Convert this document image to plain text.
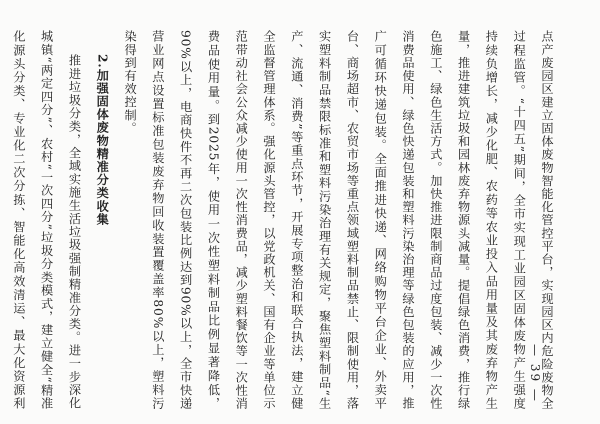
点产废园区建立固体废物智能化管控平台，实现园区内危险废物全过程监管。“十四五”期间，全市实现工业园区固体废物产生强度持续负增长，减少化肥、农药等农业投入品用量及其废弃物产生量，推进建筑垃圾和园林废弃物源头减量。提倡绿色消费，推行绿色施工、绿色生活方式。加快推进限制商品过度包装、减少一次性消费品使用、绿色快递包装和塑料污染治理等绿色包装的应用，推广可循环快递包装。全面推进快递、网络购物平台企业、外卖平台、商场超市、农贸市场等重点领域塑料制品禁止、限制使用，落实塑料制品禁限标准和塑料污染治理有关规定，聚焦塑料制品“生产、流通、消费”等重点环节，开展专项整治和联合执法，建立健全监督管理体系。强化源头管控，以党政机关、国有企业等单位示范带动社会公众减少使用一次性消费品，减少塑料餐饮等一次性消费品使用量。到2025年，使用一次性塑料制品比例显著降低，90%以上，电商快件不再二次包装比例达到90%以上，全市快递营业网点设置标准包装废弃物回收装置覆盖率80%以上，塑料污染得到有效控制。

2.加强固体废物精准分类收集

推进垃圾分类，全域实施生活垃圾强制精准分类。进一步深化城镇“两定四分”、农村“一次四分”垃圾分类模式，建立健全“精准化源头分类、专业化二次分拣、智能化高效清运、最大化资源利

— 39 —
